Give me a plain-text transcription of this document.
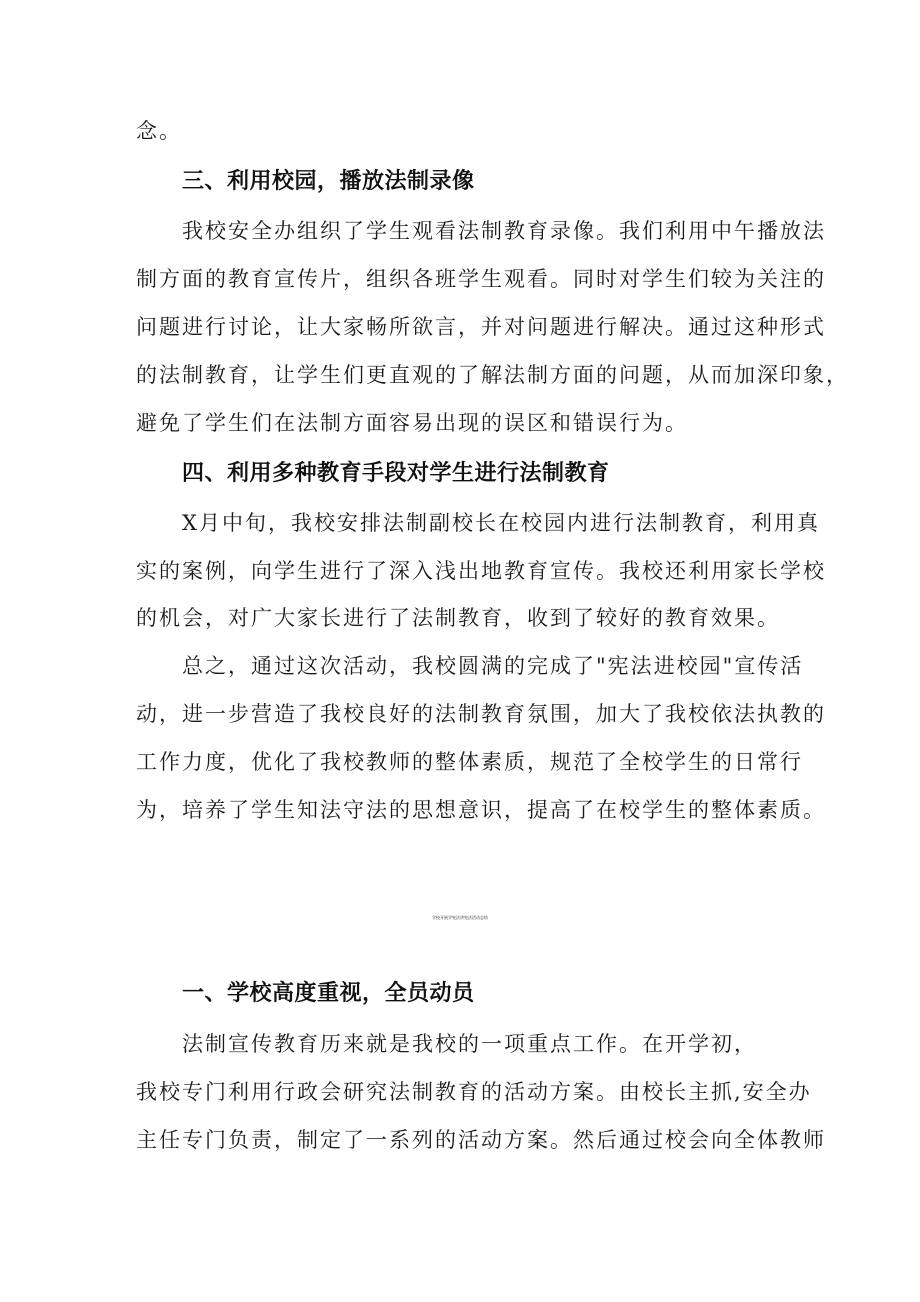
念。
三、利用校园，播放法制录像
我校安全办组织了学生观看法制教育录像。我们利用中午播放法
制方面的教育宣传片，组织各班学生观看。同时对学生们较为关注的
问题进行讨论，让大家畅所欲言，并对问题进行解决。通过这种形式
的法制教育，让学生们更直观的了解法制方面的问题，从而加深印象，
避免了学生们在法制方面容易出现的误区和错误行为。
四、利用多种教育手段对学生进行法制教育
X月中旬，我校安排法制副校长在校园内进行法制教育，利用真
实的案例，向学生进行了深入浅出地教育宣传。我校还利用家长学校
的机会，对广大家长进行了法制教育，收到了较好的教育效果。
总之，通过这次活动，我校圆满的完成了"宪法进校园"宣传活
动，进一步营造了我校良好的法制教育氛围，加大了我校依法执教的
工作力度，优化了我校教师的整体素质，规范了全校学生的日常行
为，培养了学生知法守法的思想意识，提高了在校学生的整体素质。
学校开展学宪法讲宪法活动总结
一、学校高度重视，全员动员
法制宣传教育历来就是我校的一项重点工作。在开学初，
我校专门利用行政会研究法制教育的活动方案。由校长主抓,安全办
主任专门负责，制定了一系列的活动方案。然后通过校会向全体教师
